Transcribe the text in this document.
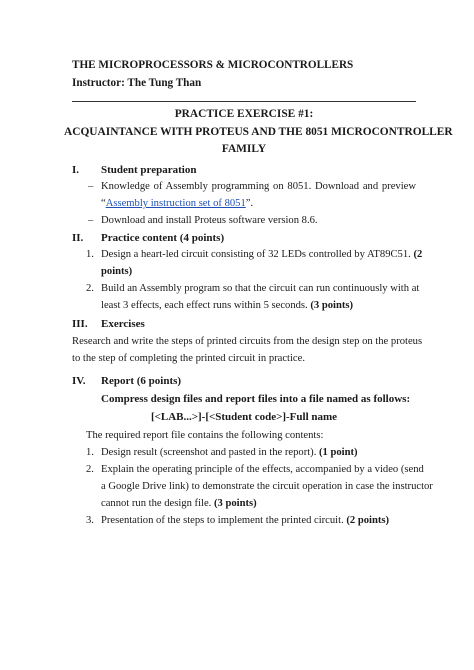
THE MICROPROCESSORS & MICROCONTROLLERS
Instructor: The Tung Than
PRACTICE EXERCISE #1:
ACQUAINTANCE WITH PROTEUS AND THE 8051 MICROCONTROLLER
FAMILY
I. Student preparation
– Knowledge of Assembly programming on 8051. Download and preview
“Assembly instruction set of 8051”.
– Download and install Proteus software version 8.6.
II. Practice content (4 points)
1. Design a heart-led circuit consisting of 32 LEDs controlled by AT89C51. (2
points)
2. Build an Assembly program so that the circuit can run continuously with at
least 3 effects, each effect runs within 5 seconds. (3 points)
III. Exercises
Research and write the steps of printed circuits from the design step on the proteus
to the step of completing the printed circuit in practice.
IV. Report (6 points)
Compress design files and report files into a file named as follows:
[<LAB...>]-[<Student code>]-Full name
The required report file contains the following contents:
1. Design result (screenshot and pasted in the report). (1 point)
2. Explain the operating principle of the effects, accompanied by a video (send
a Google Drive link) to demonstrate the circuit operation in case the instructor
cannot run the design file. (3 points)
3. Presentation of the steps to implement the printed circuit. (2 points)
